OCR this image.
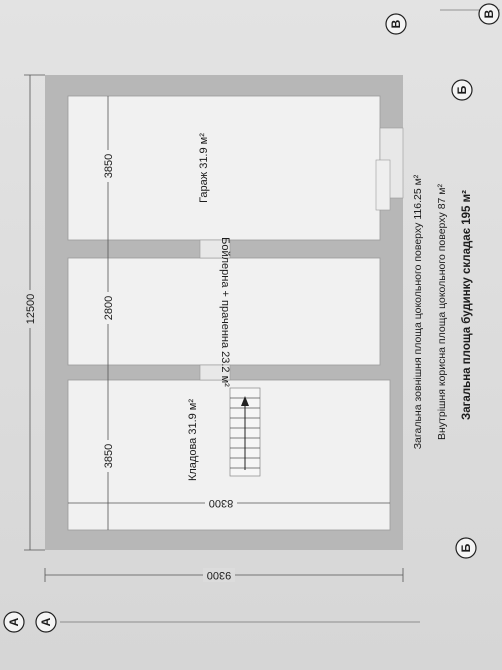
12500
3850
2800
3850
8300
9300
Кладова 31.9 м²
Бойлерна + праченна 23.2 м²
Гараж 31.9 м²
Загальна зовнішня площа цокольного поверху 116.25 м² Внутрішня корисна площа цокольного поверху 87 м² Загальна площа будинку складає 195 м²
А
А
Б
Б
В
В
